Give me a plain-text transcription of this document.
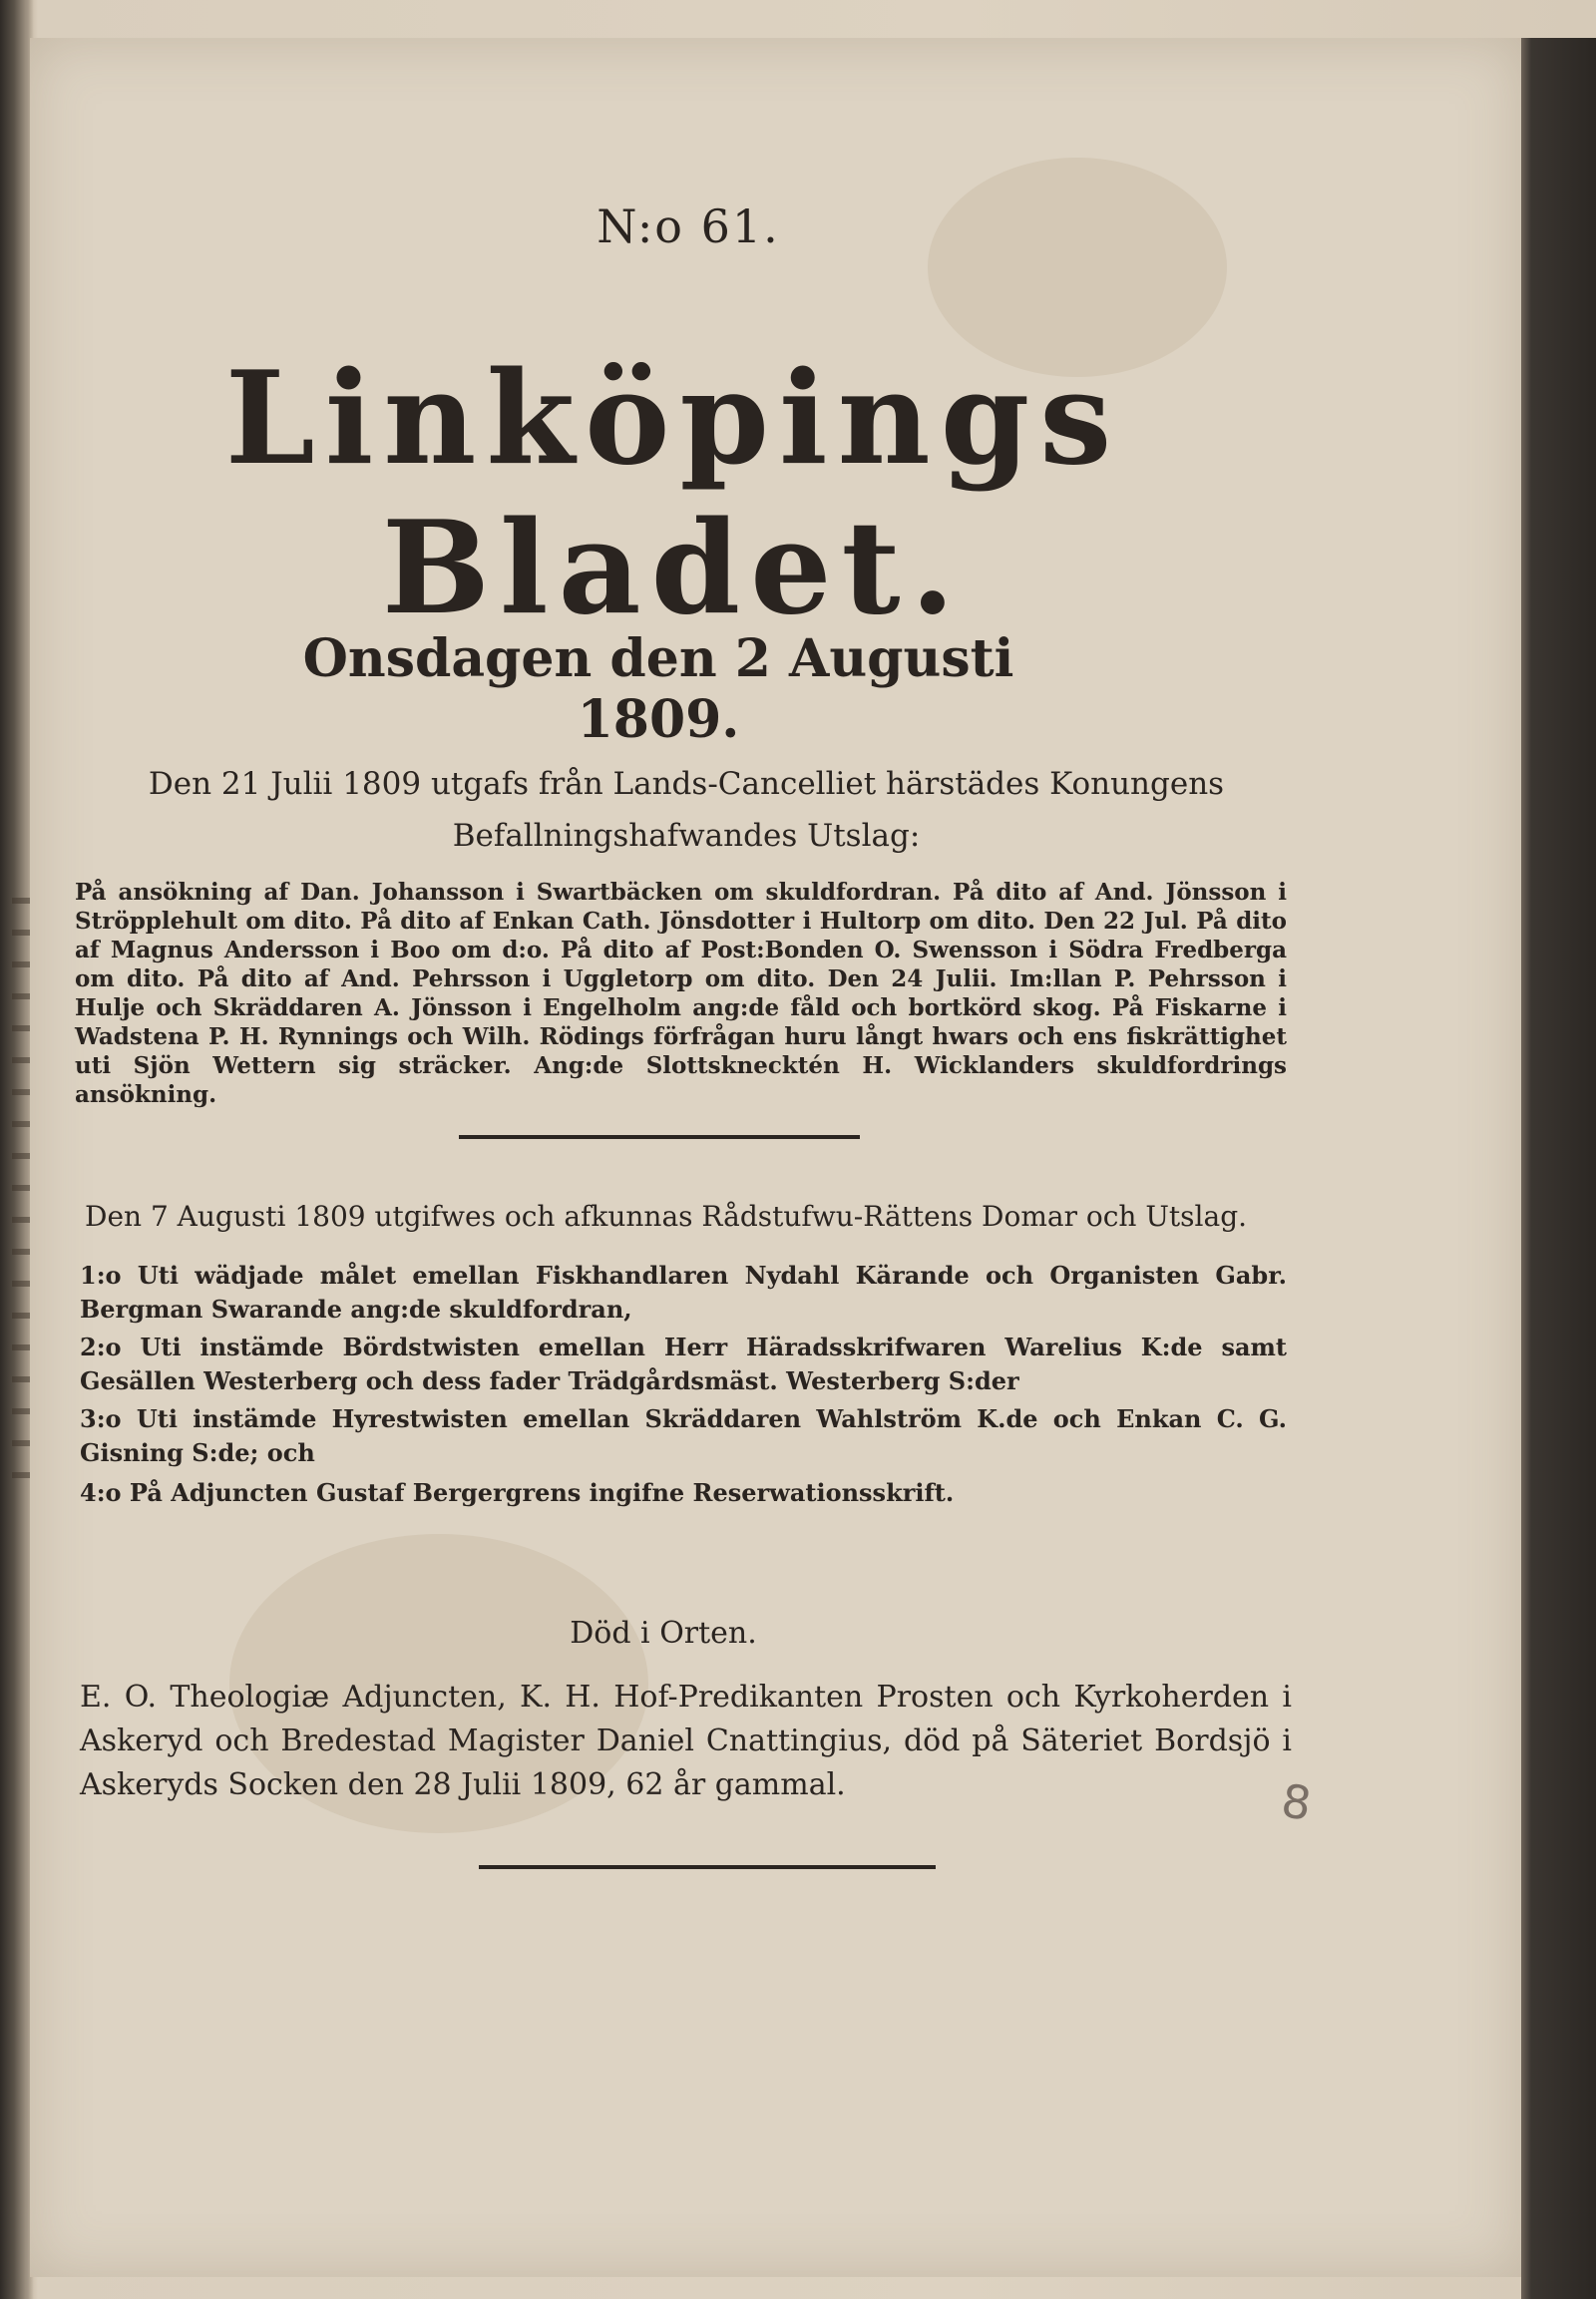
N:o 61.
Linköpings Bladet.
Onsdagen den 2 Augusti 1809.
Den 21 Julii 1809 utgafs från Lands-Cancelliet härstädes Konungens Befallningshafwandes Utslag:
På ansökning af Dan. Johansson i Swartbäcken om skuldfordran. På dito af And. Jönsson i Ströpplehult om dito. På dito af Enkan Cath. Jönsdotter i Hultorp om dito. Den 22 Jul. På dito af Magnus Andersson i Boo om d:o. På dito af Post:Bonden O. Swensson i Södra Fredberga om dito. På dito af And. Pehrsson i Uggletorp om dito. Den 24 Julii. Im:llan P. Pehrsson i Hulje och Skräddaren A. Jönsson i Engelholm ang:de fåld och bortkörd skog. På Fiskarne i Wadstena P. H. Rynnings och Wilh. Rödings förfrågan huru långt hwars och ens fiskrättighet uti Sjön Wettern sig sträcker. Ang:de Slottsknecktén H. Wicklanders skuldfordrings ansökning.
Den 7 Augusti 1809 utgifwes och afkunnas Rådstufwu-Rättens Domar och Utslag.
1:o Uti wädjade målet emellan Fiskhandlaren Nydahl Kärande och Organisten Gabr. Bergman Swarande ang:de skuldfordran,
2:o Uti instämde Bördstwisten emellan Herr Häradsskrifwaren Warelius K:de samt Gesällen Westerberg och dess fader Trädgårdsmäst. Westerberg S:der
3:o Uti instämde Hyrestwisten emellan Skräddaren Wahlström K.de och Enkan C. G. Gisning S:de; och
4:o På Adjuncten Gustaf Bergergrens ingifne Reserwationsskrift.
Död i Orten.
E. O. Theologiæ Adjuncten, K. H. Hof-Predikanten Prosten och Kyrkoherden i Askeryd och Bredestad Magister Daniel Cnattingius, död på Säteriet Bordsjö i Askeryds Socken den 28 Julii 1809, 62 år gammal.	8
